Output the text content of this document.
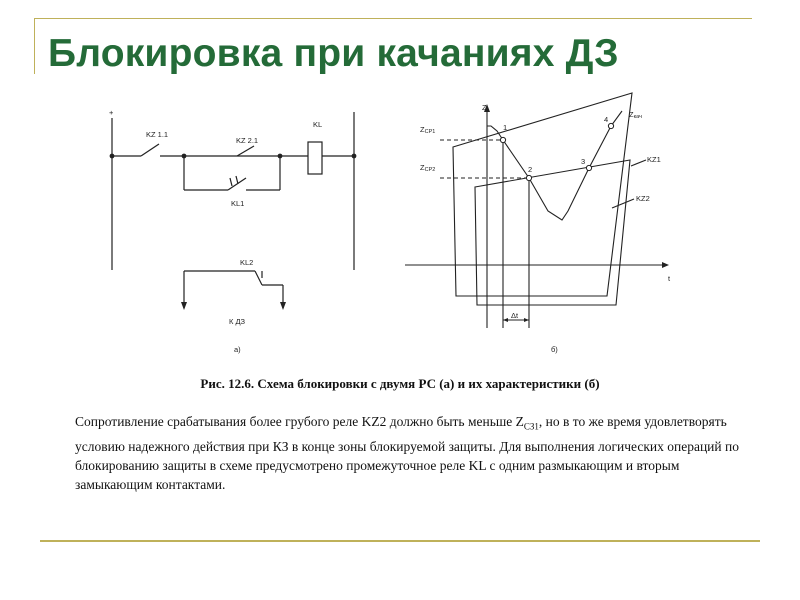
Блокировка при качаниях ДЗ
+
KZ 1.1
KZ 2.1
KL
KL1
KL2
К ДЗ
а)
Z
t
ZСР1
ZСР2
Zкач
KZ1
KZ2
1
2
3
4
Δt
б)
Рис. 12.6. Схема блокировки с двумя РС (а) и их характеристики (б)
Сопротивление срабатывания более грубого реле KZ2 должно быть меньше $Z_{СЗ1}$, но в то же время удовлетворять условию надежного действия при КЗ в конце зоны блокируемой защиты. Для выполнения логических операций по блокированию защиты в схеме предусмотрено промежуточное реле KL с одним размыкающим и вторым замыкающим контактами.
